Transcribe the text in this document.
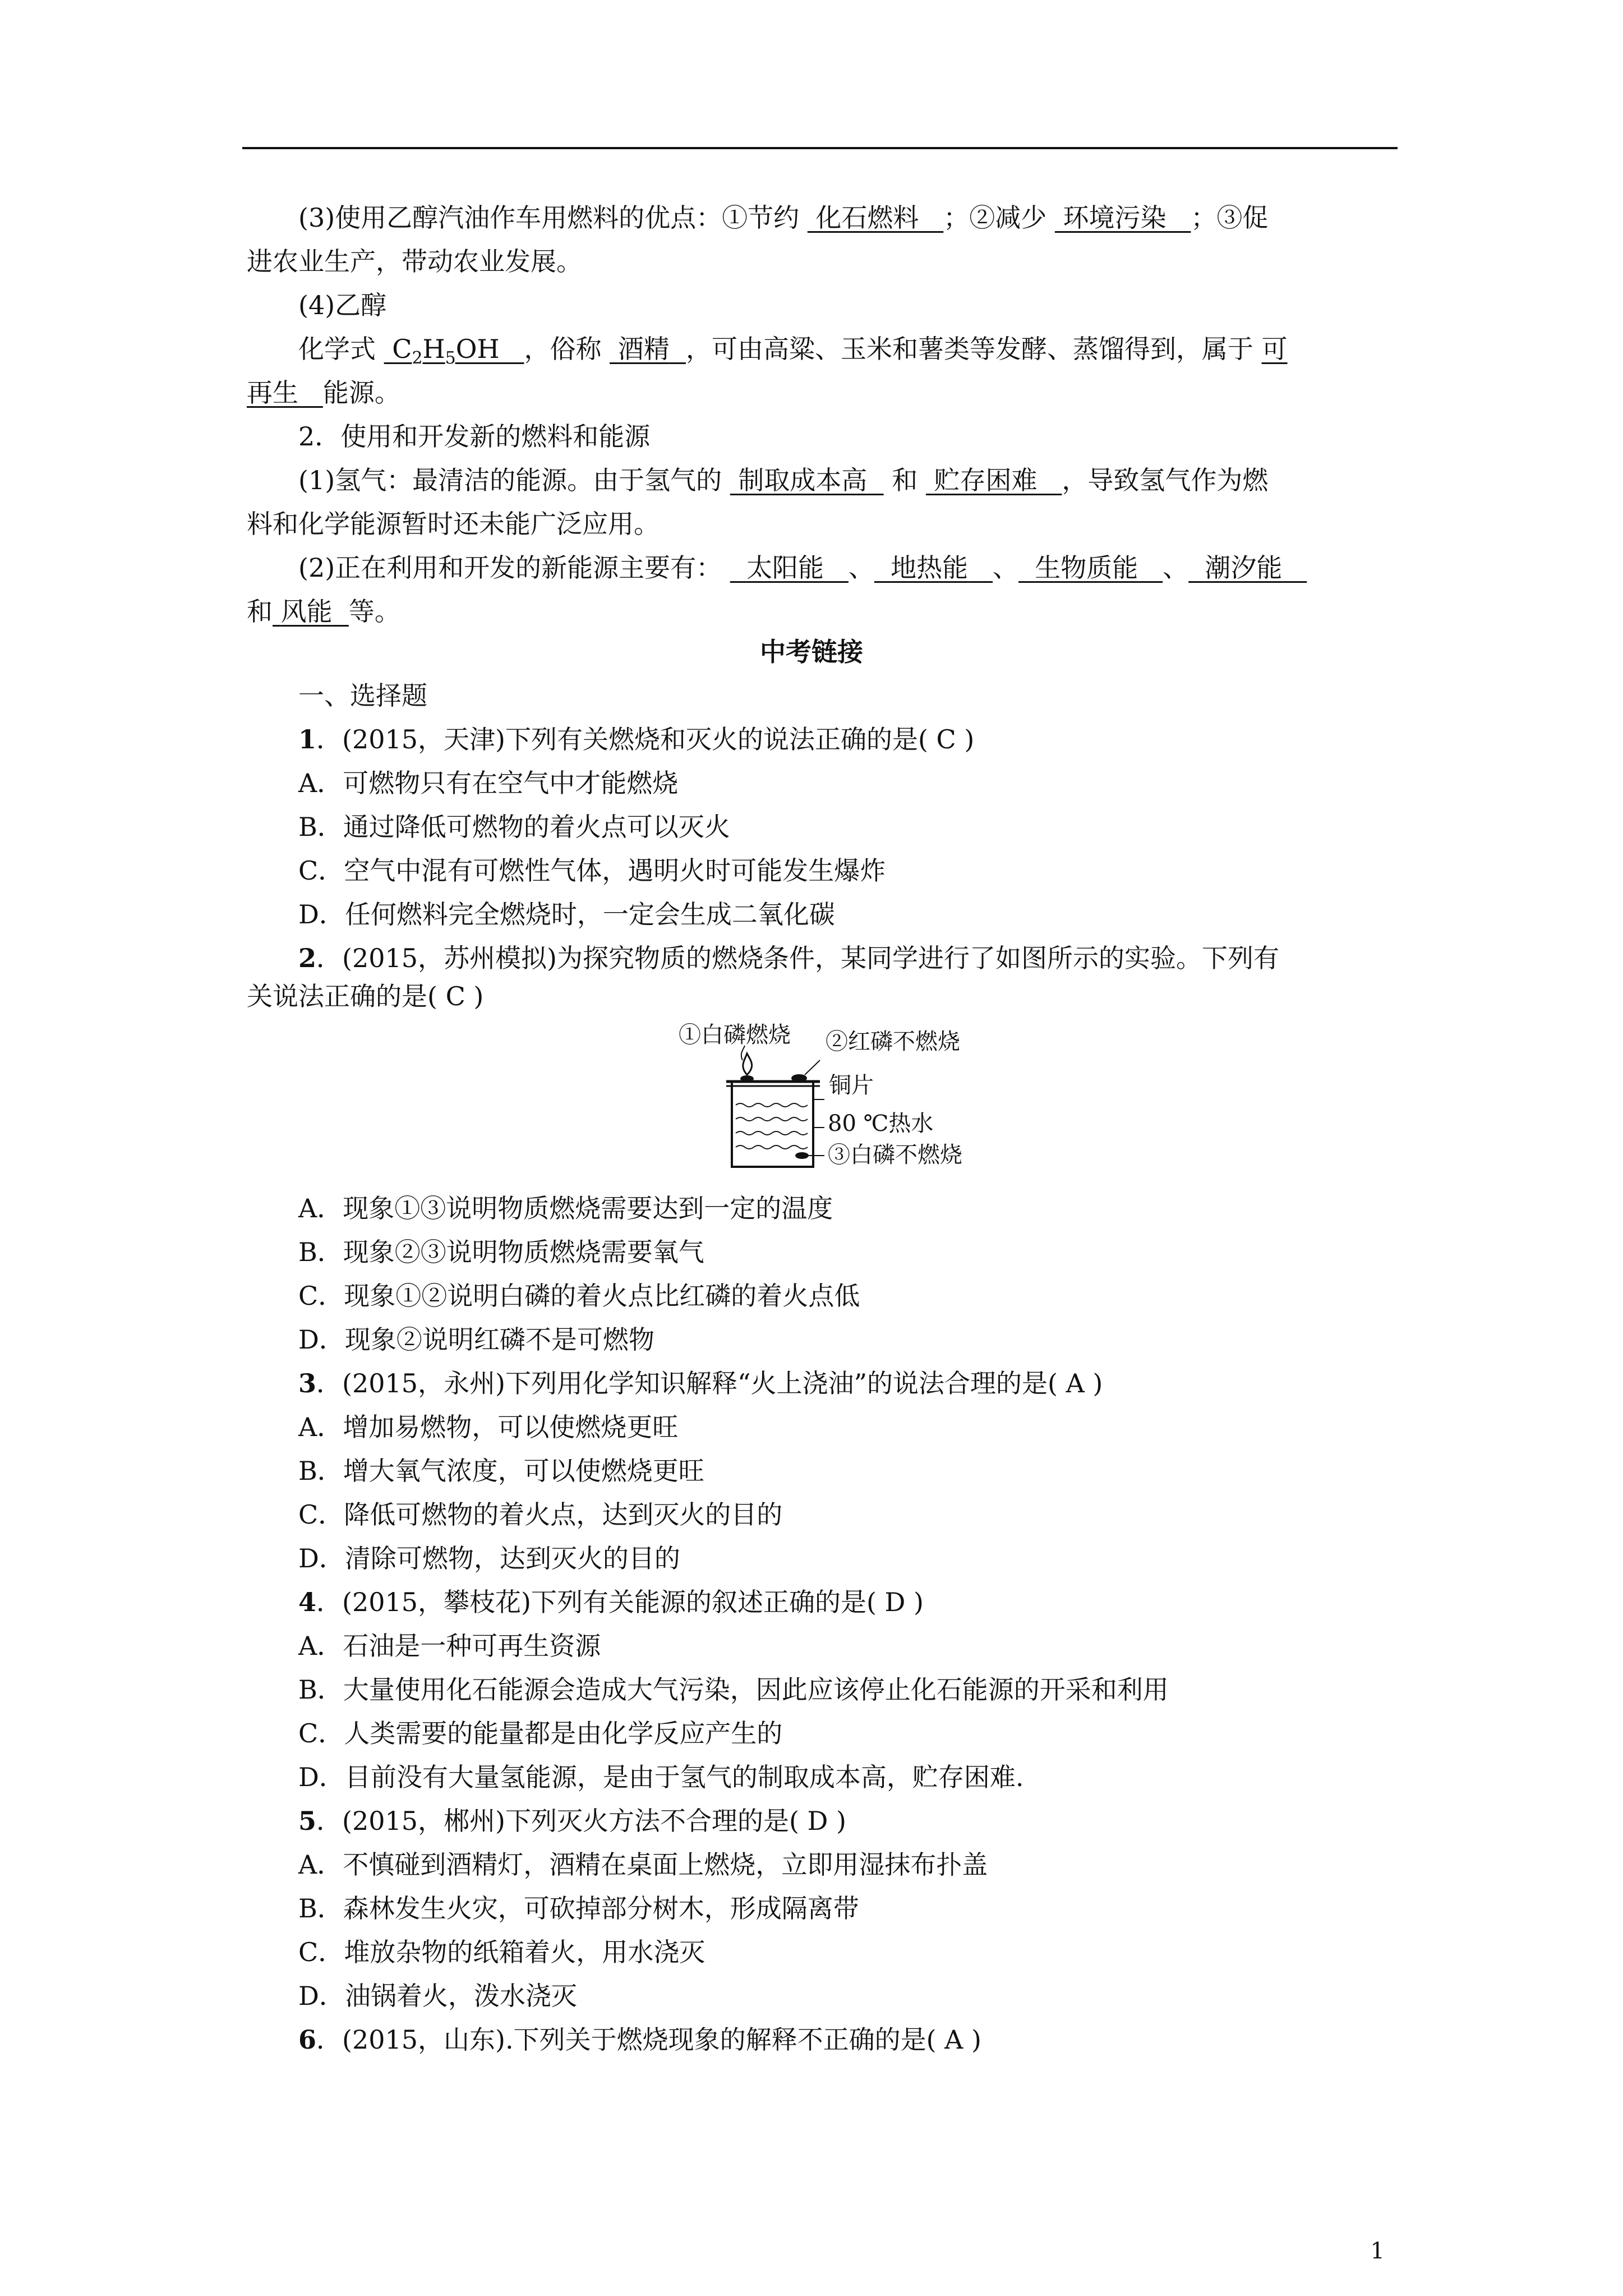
(3)使用乙醇汽油作车用燃料的优点：①节约 化石燃料 ；②减少 环境污染 ；③促
进农业生产，带动农业发展。
(4)乙醇
化学式  $C_2H_5OH$   ，俗称 酒精 ，可由高粱、玉米和薯类等发酵、蒸馏得到，属于 可
再生 能源。
2．使用和开发新的燃料和能源
(1)氢气：最清洁的能源。由于氢气的 制取成本高 和 贮存困难 ，导致氢气作为燃
料和化学能源暂时还未能广泛应用。
(2)正在利用和开发的新能源主要有： 太阳能 、 地热能 、 生物质能 、 潮汐能
和 风能 等。
中考链接
一、选择题
1．(2015，天津)下列有关燃烧和灭火的说法正确的是( C )
A．可燃物只有在空气中才能燃烧
B．通过降低可燃物的着火点可以灭火
C．空气中混有可燃性气体，遇明火时可能发生爆炸
D．任何燃料完全燃烧时，一定会生成二氧化碳
2．(2015，苏州模拟)为探究物质的燃烧条件，某同学进行了如图所示的实验。下列有
关说法正确的是( C )
①白磷燃烧 ②红磷不燃烧
铜片
80 ℃热水
③白磷不燃烧
A．现象①③说明物质燃烧需要达到一定的温度
B．现象②③说明物质燃烧需要氧气
C．现象①②说明白磷的着火点比红磷的着火点低
D．现象②说明红磷不是可燃物
3．(2015，永州)下列用化学知识解释“火上浇油”的说法合理的是( A )
A．增加易燃物，可以使燃烧更旺
B．增大氧气浓度，可以使燃烧更旺
C．降低可燃物的着火点，达到灭火的目的
D．清除可燃物，达到灭火的目的
4．(2015，攀枝花)下列有关能源的叙述正确的是( D )
A．石油是一种可再生资源
B．大量使用化石能源会造成大气污染，因此应该停止化石能源的开采和利用
C．人类需要的能量都是由化学反应产生的
D．目前没有大量氢能源，是由于氢气的制取成本高，贮存困难.
5．(2015，郴州)下列灭火方法不合理的是( D )
A．不慎碰到酒精灯，酒精在桌面上燃烧，立即用湿抹布扑盖
B．森林发生火灾，可砍掉部分树木，形成隔离带
C．堆放杂物的纸箱着火，用水浇灭
D．油锅着火，泼水浇灭
6．(2015，山东).下列关于燃烧现象的解释不正确的是( A )
1
